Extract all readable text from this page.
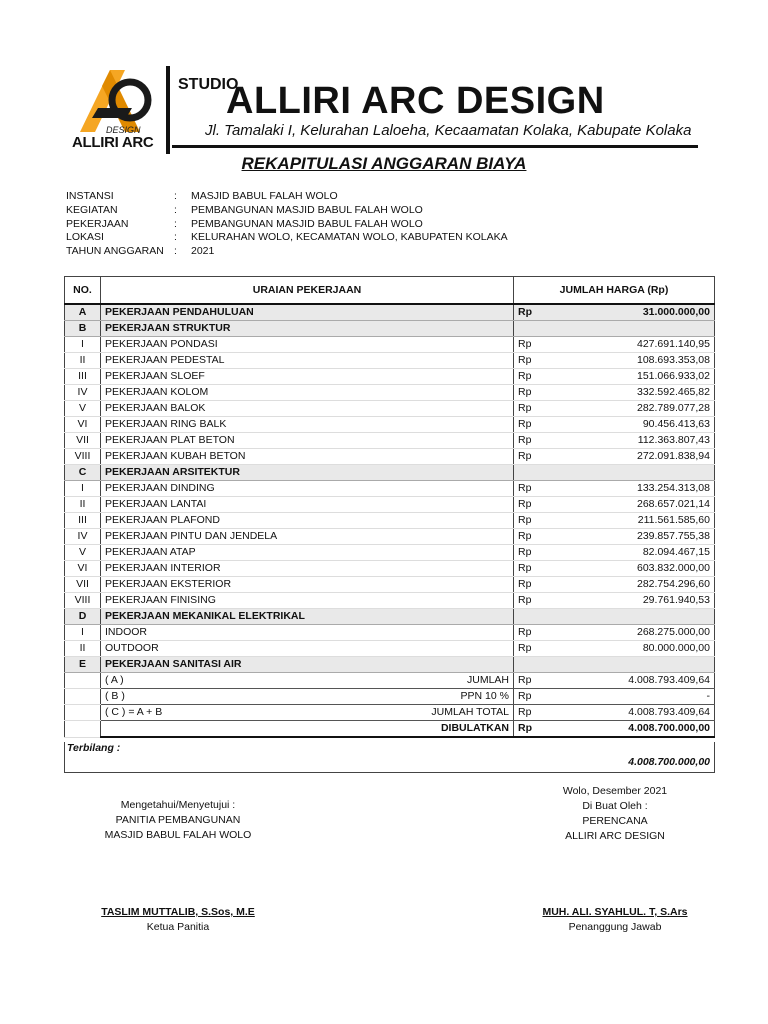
DESIGN
ALLIRI ARC
STUDIO
ALLIRI ARC DESIGN
Jl. Tamalaki I, Kelurahan Laloeha, Kecaamatan Kolaka, Kabupate Kolaka
REKAPITULASI ANGGARAN BIAYA
INSTANSI	:	MASJID BABUL FALAH WOLO
KEGIATAN	:	PEMBANGUNAN MASJID BABUL FALAH WOLO
PEKERJAAN	:	PEMBANGUNAN MASJID BABUL FALAH WOLO
LOKASI	:	KELURAHAN WOLO, KECAMATAN WOLO, KABUPATEN KOLAKA
TAHUN ANGGARAN :	2021
NO.	URAIAN PEKERJAAN	JUMLAH HARGA (Rp)	
A	PEKERJAAN PENDAHULUAN	Rp	31.000.000,00
B	PEKERJAAN STRUKTUR		
I	PEKERJAAN PONDASI	Rp	427.691.140,95
II	PEKERJAAN PEDESTAL	Rp	108.693.353,08
III	PEKERJAAN SLOEF	Rp	151.066.933,02
IV	PEKERJAAN KOLOM	Rp	332.592.465,82
V	PEKERJAAN BALOK	Rp	282.789.077,28
VI	PEKERJAAN RING BALK	Rp	90.456.413,63
VII	PEKERJAAN PLAT BETON	Rp	112.363.807,43
VIII	PEKERJAAN KUBAH BETON	Rp	272.091.838,94
C	PEKERJAAN ARSITEKTUR		
I	PEKERJAAN DINDING	Rp	133.254.313,08
II	PEKERJAAN LANTAI	Rp	268.657.021,14
III	PEKERJAAN PLAFOND	Rp	211.561.585,60
IV	PEKERJAAN PINTU DAN JENDELA	Rp	239.857.755,38
V	PEKERJAAN ATAP	Rp	82.094.467,15
VI	PEKERJAAN INTERIOR	Rp	603.832.000,00
VII	PEKERJAAN EKSTERIOR	Rp	282.754.296,60
VIII	PEKERJAAN FINISING	Rp	29.761.940,53
D	PEKERJAAN MEKANIKAL ELEKTRIKAL		
I	INDOOR	Rp	268.275.000,00
II	OUTDOOR	Rp	80.000.000,00
E	PEKERJAAN SANITASI AIR		

	( A ) JUMLAH	Rp	4.008.793.409,64

	( B ) PPN 10 %	Rp	-

	( C ) = A + B JUMLAH TOTAL	Rp	4.008.793.409,64

DIBULATKAN	Rp	4.008.700.000,00
Terbilang :
4.008.700.000,00
Mengetahui/Menyetujui :
PANITIA PEMBANGUNAN
MASJID BABUL FALAH WOLO
TASLIM MUTTALIB, S.Sos, M.E
Ketua Panitia
Wolo, Desember 2021
Di Buat Oleh :
PERENCANA
ALLIRI ARC DESIGN
MUH. ALI. SYAHLUL. T, S.Ars
Penanggung Jawab
